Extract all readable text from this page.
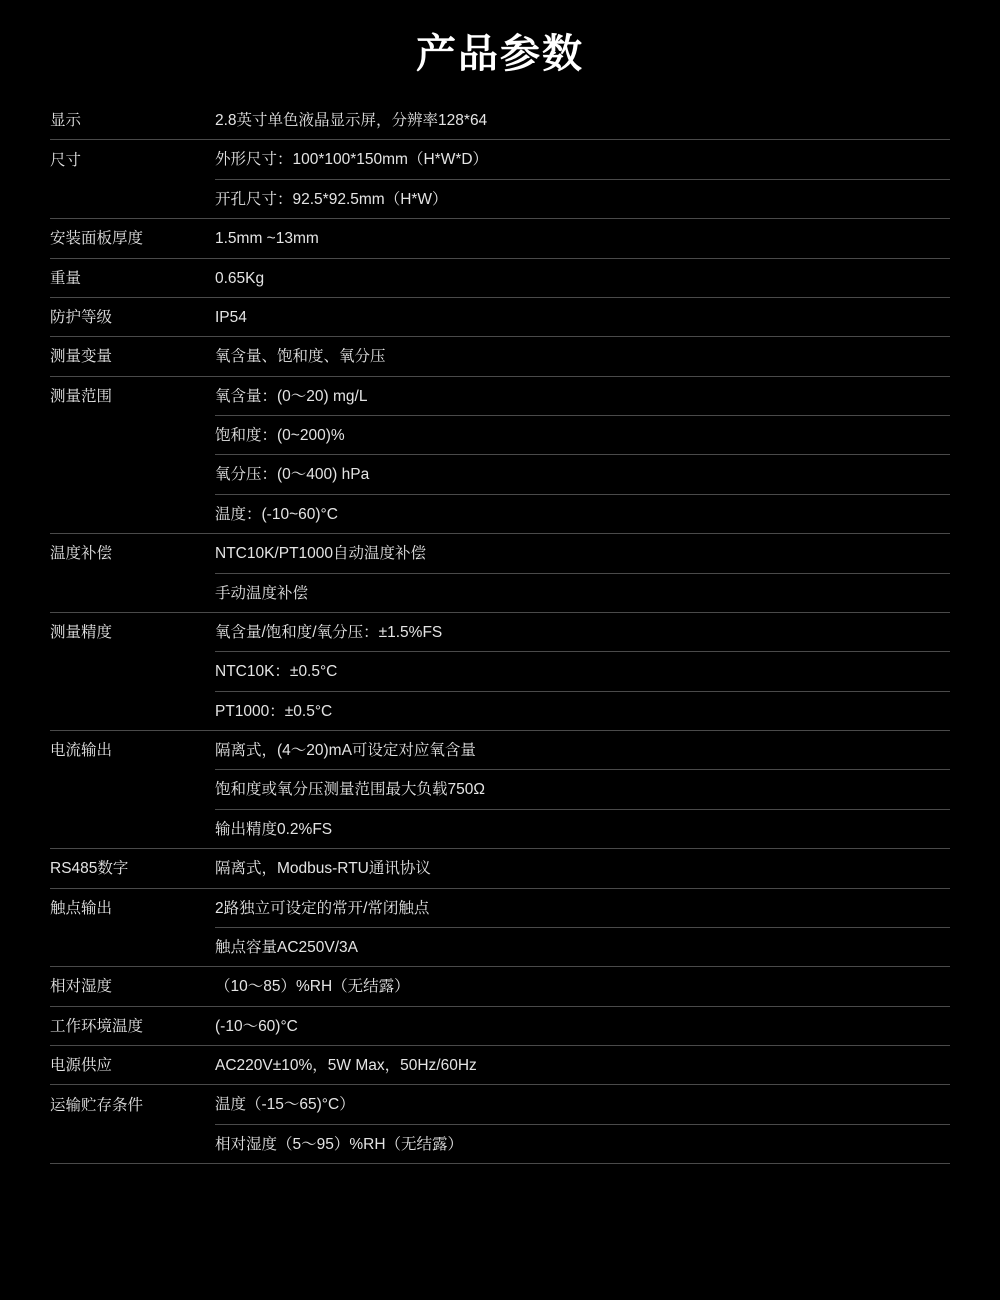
产品参数
显示	2.8英寸单色液晶显示屏，分辨率128*64
尺寸	外形尺寸：100*100*150mm（H*W*D）
	开孔尺寸：92.5*92.5mm（H*W）
安装面板厚度	1.5mm ~13mm
重量	0.65Kg
防护等级	IP54
测量变量	氧含量、饱和度、氧分压
测量范围	氧含量：(0～20) mg/L
	饱和度：(0~200)%
	氧分压：(0～400) hPa
	温度：(-10~60)°C
温度补偿	NTC10K/PT1000自动温度补偿
	手动温度补偿
测量精度	氧含量/饱和度/氧分压：±1.5%FS
	NTC10K：±0.5°C
	PT1000：±0.5°C
电流输出	隔离式，(4～20)mA可设定对应氧含量
	饱和度或氧分压测量范围最大负载750Ω
	输出精度0.2%FS
RS485数字	隔离式，Modbus-RTU通讯协议
触点输出	2路独立可设定的常开/常闭触点
	触点容量AC250V/3A
相对湿度	（10～85）%RH（无结露）
工作环境温度	(-10～60)°C
电源供应	AC220V±10%，5W Max，50Hz/60Hz
运输贮存条件	温度（-15～65)°C）
	相对湿度（5～95）%RH（无结露）
